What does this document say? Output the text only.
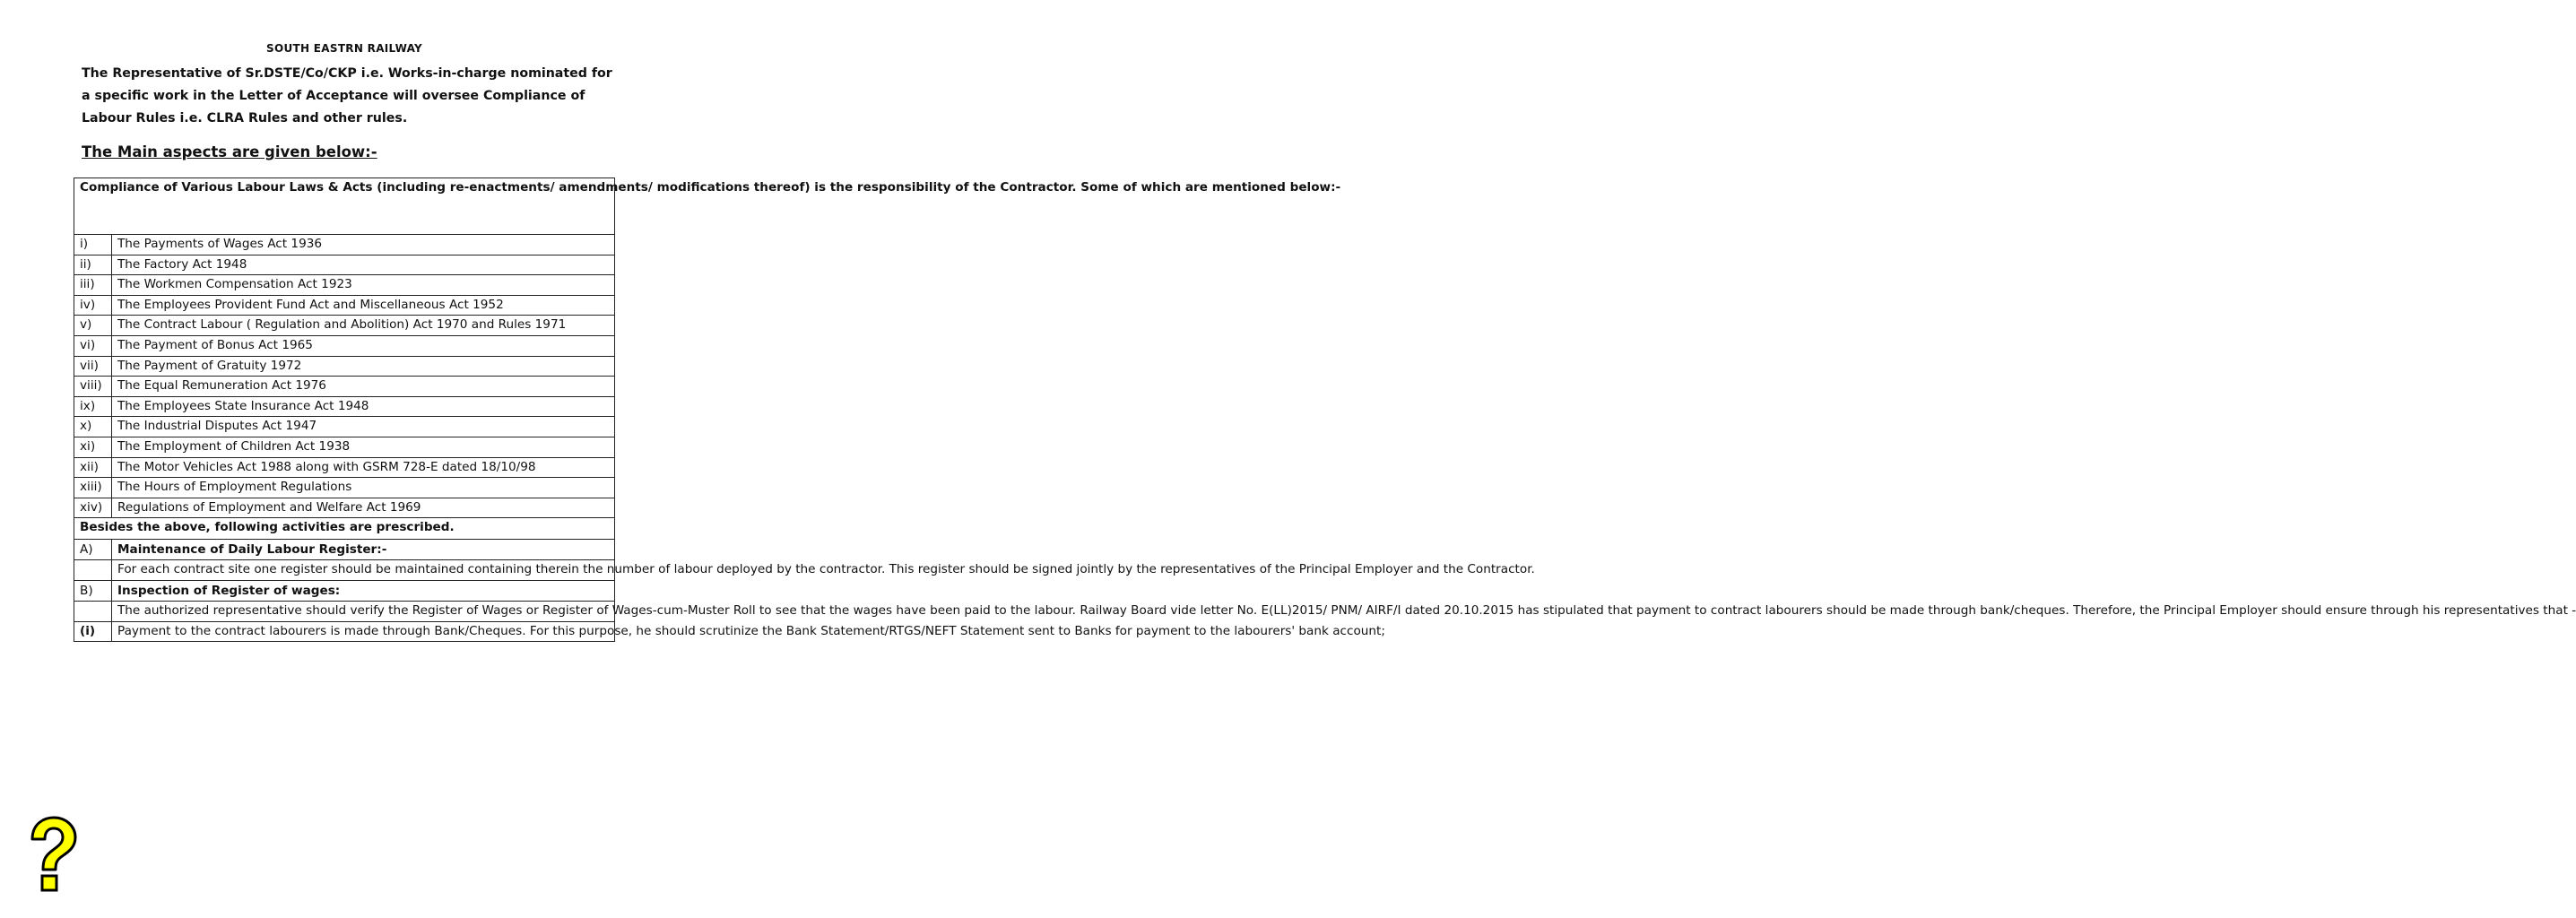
SOUTH EASTRN RAILWAY
The Representative of Sr.DSTE/Co/CKP i.e. Works-in-charge nominated for a specific work in the Letter of Acceptance will oversee Compliance of Labour Rules i.e. CLRA Rules and other rules.
The Main aspects are given below:-
Compliance of Various Labour Laws & Acts (including re-enactments/ amendments/ modifications thereof) is the responsibility of the Contractor. Some of which are mentioned below:-	
i)	The Payments of Wages Act 1936
ii)	The Factory Act 1948
iii)	The Workmen Compensation Act 1923
iv)	The Employees Provident Fund Act and Miscellaneous Act 1952
v)	The Contract Labour ( Regulation and Abolition) Act 1970 and Rules 1971
vi)	The Payment of Bonus Act 1965
vii)	The Payment of Gratuity 1972
viii)	The Equal Remuneration Act 1976
ix)	The Employees State Insurance Act 1948
x)	The Industrial Disputes Act 1947
xi)	The Employment of Children Act 1938
xii)	The Motor Vehicles Act 1988 along with GSRM 728-E dated 18/10/98
xiii)	The Hours of Employment Regulations
xiv)	Regulations of Employment and Welfare Act 1969
Besides the above, following activities are prescribed.	
A)	Maintenance of Daily Labour Register:-
	For each contract site one register should be maintained containing therein the number of labour deployed by the contractor. This register should be signed jointly by the representatives of the Principal Employer and the Contractor.
B)	Inspection of Register of wages:
	The authorized representative should verify the Register of Wages or Register of Wages-cum-Muster Roll to see that the wages have been paid to the labour. Railway Board vide letter No. E(LL)2015/ PNM/ AIRF/I dated 20.10.2015 has stipulated that payment to contract labourers should be made through bank/cheques. Therefore, the Principal Employer should ensure through his representatives that -
(i)	Payment to the contract labourers is made through Bank/Cheques. For this purpose, he should scrutinize the Bank Statement/RTGS/NEFT Statement sent to Banks for payment to the labourers' bank account;
